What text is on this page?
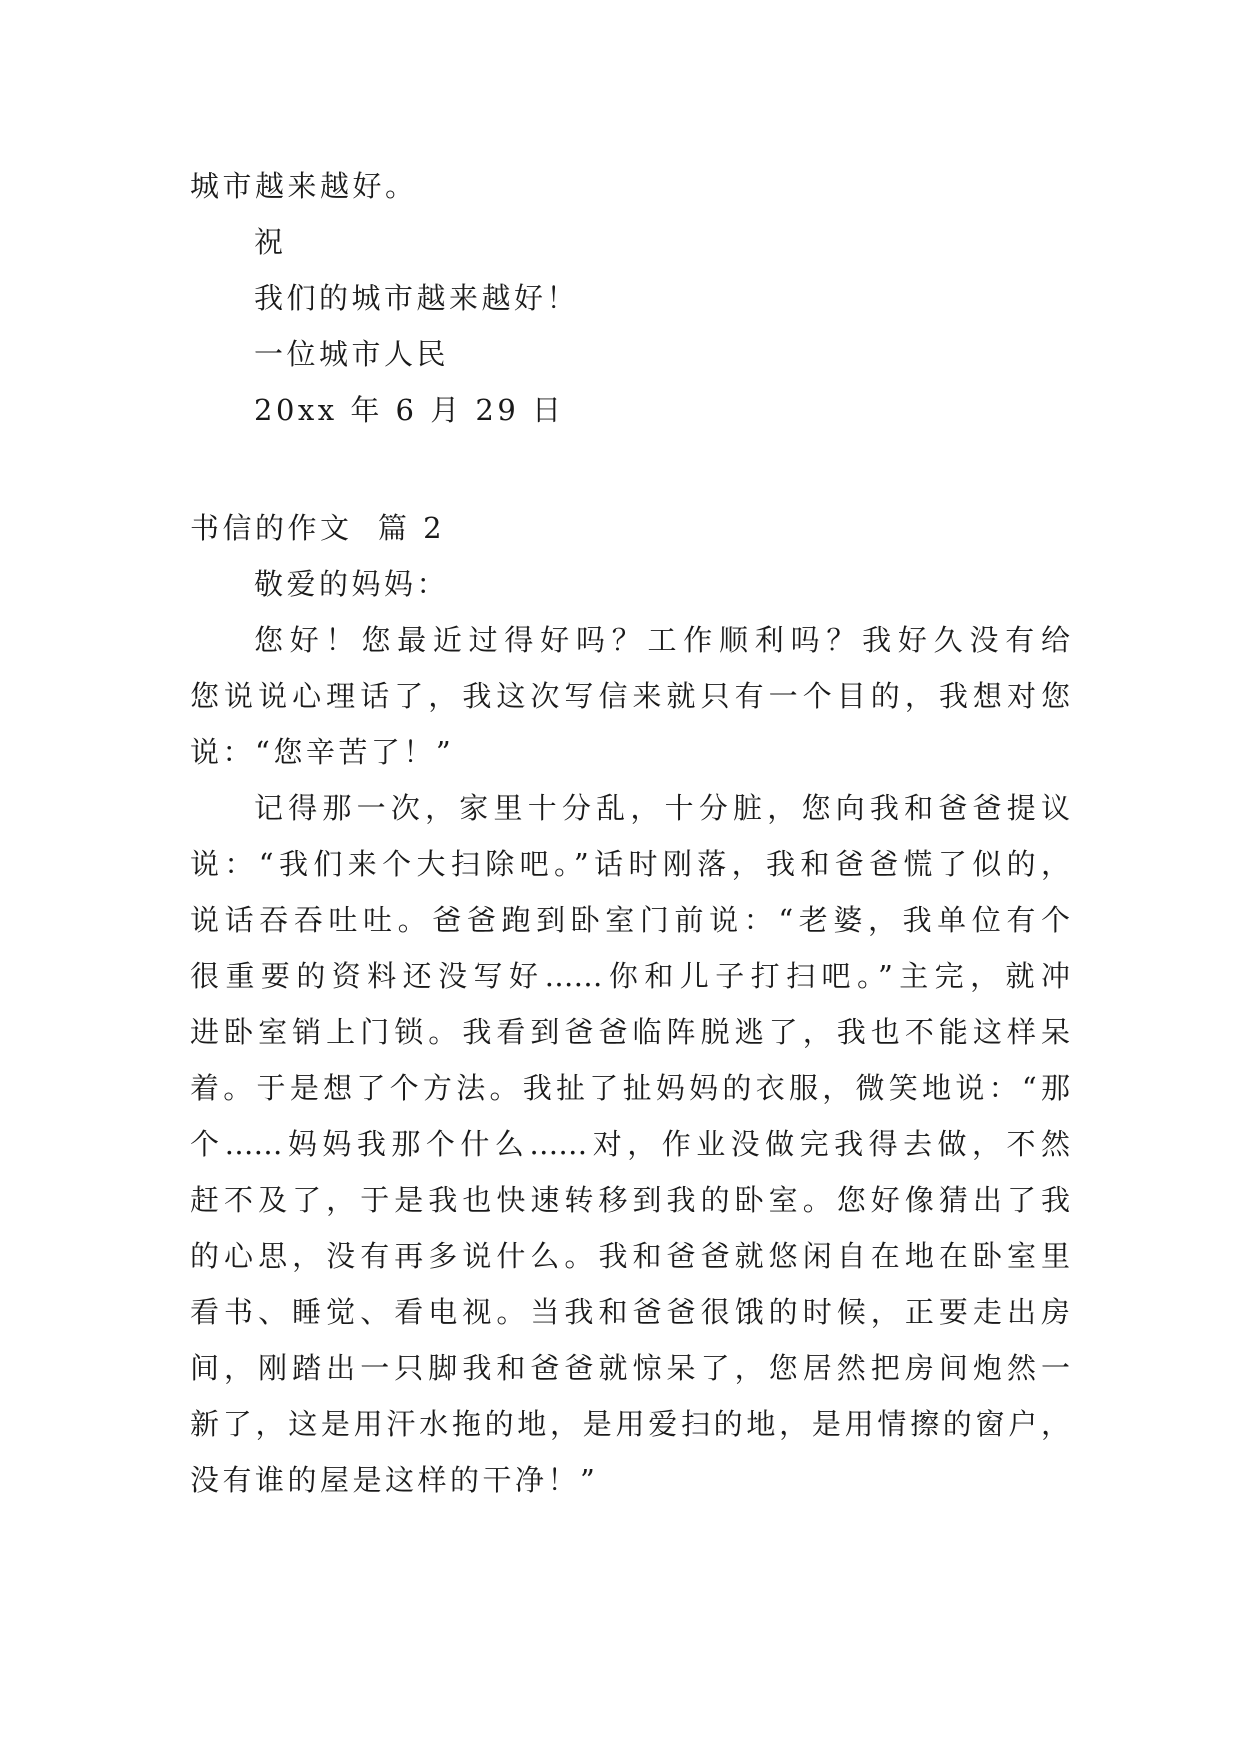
城市越来越好。
祝
我们的城市越来越好！
一位城市人民
20xx 年 6 月 29 日
书信的作文  篇 2
敬爱的妈妈：
您好！您最近过得好吗？工作顺利吗？我好久没有给
您说说心理话了，我这次写信来就只有一个目的，我想对您
说：“您辛苦了！”
记得那一次，家里十分乱，十分脏，您向我和爸爸提议
说：“我们来个大扫除吧。”话时刚落，我和爸爸慌了似的，
说话吞吞吐吐。爸爸跑到卧室门前说：“老婆，我单位有个
很重要的资料还没写好……你和儿子打扫吧。”主完，就冲
进卧室销上门锁。我看到爸爸临阵脱逃了，我也不能这样呆
着。于是想了个方法。我扯了扯妈妈的衣服，微笑地说：“那
个……妈妈我那个什么……对，作业没做完我得去做，不然
赶不及了，于是我也快速转移到我的卧室。您好像猜出了我
的心思，没有再多说什么。我和爸爸就悠闲自在地在卧室里
看书、睡觉、看电视。当我和爸爸很饿的时候，正要走出房
间，刚踏出一只脚我和爸爸就惊呆了，您居然把房间炮然一
新了，这是用汗水拖的地，是用爱扫的地，是用情擦的窗户，
没有谁的屋是这样的干净！”
